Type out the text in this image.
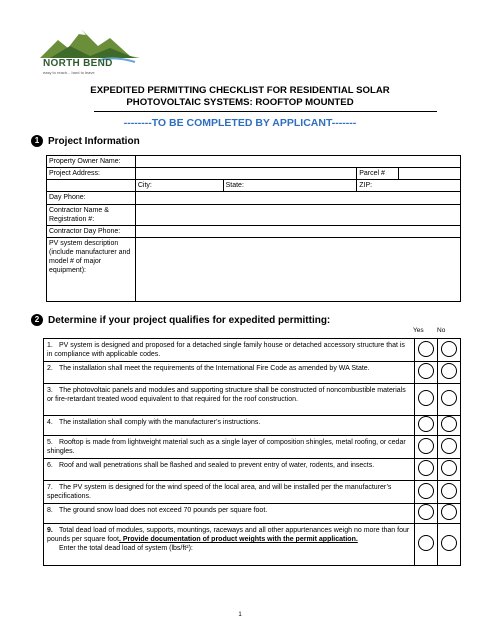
NORTH BEND
easy to reach... hard to leave
EXPEDITED PERMITTING CHECKLIST FOR RESIDENTIAL SOLAR
PHOTOVOLTAIC SYSTEMS: ROOFTOP MOUNTED
--------TO BE COMPLETED BY APPLICANT-------
1 Project Information
Property Owner Name:				
Project Address:			Parcel #	
	City:	State:	ZIP:	
Day Phone:				
Contractor Name & Registration #:				
Contractor Day Phone:				
PV system description (include manufacturer and model # of major equipment):				
2 Determine if your project qualifies for expedited permitting:
Yes No
1. PV system is designed and proposed for a detached single family house or detached accessory structure that is in compliance with applicable codes.		
2. The installation shall meet the requirements of the International Fire Code as amended by WA State.		
3. The photovoltaic panels and modules and supporting structure shall be constructed of noncombustible materials or fire-retardant treated wood equivalent to that required for the roof construction.		
4. The installation shall comply with the manufacturer’s instructions.		
5. Rooftop is made from lightweight material such as a single layer of composition shingles, metal roofing, or cedar shingles.		
6. Roof and wall penetrations shall be flashed and sealed to prevent entry of water, rodents, and insects.		
7. The PV system is designed for the wind speed of the local area, and will be installed per the manufacturer’s specifications.		
8. The ground snow load does not exceed 70 pounds per square foot.		
9. Total dead load of modules, supports, mountings, raceways and all other appurtenances weigh no more than four pounds per square foot. Provide documentation of product weights with the permit application.
Enter the total dead load of system (lbs/ft²):		

1
